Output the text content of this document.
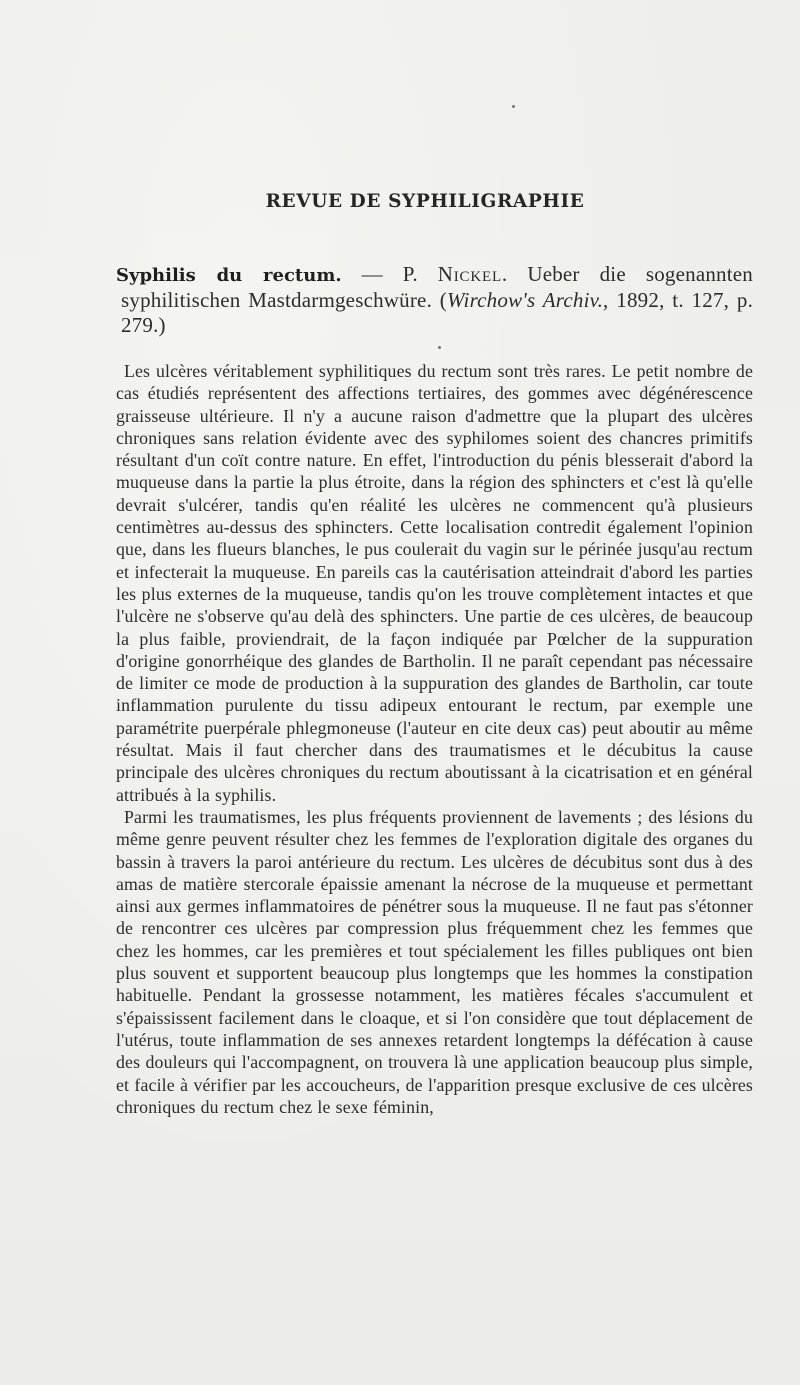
REVUE DE SYPHILIGRAPHIE

Syphilis du rectum. — P. Nickel. Ueber die sogenannten syphilitischen Mastdarmgeschwüre. (Wirchow's Archiv., 1892, t. 127, p. 279.)

Les ulcères véritablement syphilitiques du rectum sont très rares. Le petit nombre de cas étudiés représentent des affections tertiaires, des gommes avec dégénérescence graisseuse ultérieure. Il n'y a aucune raison d'admettre que la plupart des ulcères chroniques sans relation évidente avec des syphilomes soient des chancres primitifs résultant d'un coït contre nature. En effet, l'introduction du pénis blesserait d'abord la muqueuse dans la partie la plus étroite, dans la région des sphincters et c'est là qu'elle devrait s'ulcérer, tandis qu'en réalité les ulcères ne commencent qu'à plusieurs centimètres au-dessus des sphincters. Cette localisation contredit également l'opinion que, dans les flueurs blanches, le pus coulerait du vagin sur le périnée jusqu'au rectum et infecterait la muqueuse. En pareils cas la cautérisation atteindrait d'abord les parties les plus externes de la muqueuse, tandis qu'on les trouve complètement intactes et que l'ulcère ne s'observe qu'au delà des sphincters. Une partie de ces ulcères, de beaucoup la plus faible, proviendrait, de la façon indiquée par Pœlcher de la suppuration d'origine gonorrhéique des glandes de Bartholin. Il ne paraît cependant pas nécessaire de limiter ce mode de production à la suppuration des glandes de Bartholin, car toute inflammation purulente du tissu adipeux entourant le rectum, par exemple une paramétrite puerpérale phlegmoneuse (l'auteur en cite deux cas) peut aboutir au même résultat. Mais il faut chercher dans des traumatismes et le décubitus la cause principale des ulcères chroniques du rectum aboutissant à la cicatrisation et en général attribués à la syphilis.

Parmi les traumatismes, les plus fréquents proviennent de lavements ; des lésions du même genre peuvent résulter chez les femmes de l'exploration digitale des organes du bassin à travers la paroi antérieure du rectum. Les ulcères de décubitus sont dus à des amas de matière stercorale épaissie amenant la nécrose de la muqueuse et permettant ainsi aux germes inflammatoires de pénétrer sous la muqueuse. Il ne faut pas s'étonner de rencontrer ces ulcères par compression plus fréquemment chez les femmes que chez les hommes, car les premières et tout spécialement les filles publiques ont bien plus souvent et supportent beaucoup plus longtemps que les hommes la constipation habituelle. Pendant la grossesse notamment, les matières fécales s'accumulent et s'épaississent facilement dans le cloaque, et si l'on considère que tout déplacement de l'utérus, toute inflammation de ses annexes retardent longtemps la défécation à cause des douleurs qui l'accompagnent, on trouvera là une application beaucoup plus simple, et facile à vérifier par les accoucheurs, de l'apparition presque exclusive de ces ulcères chroniques du rectum chez le sexe féminin,
